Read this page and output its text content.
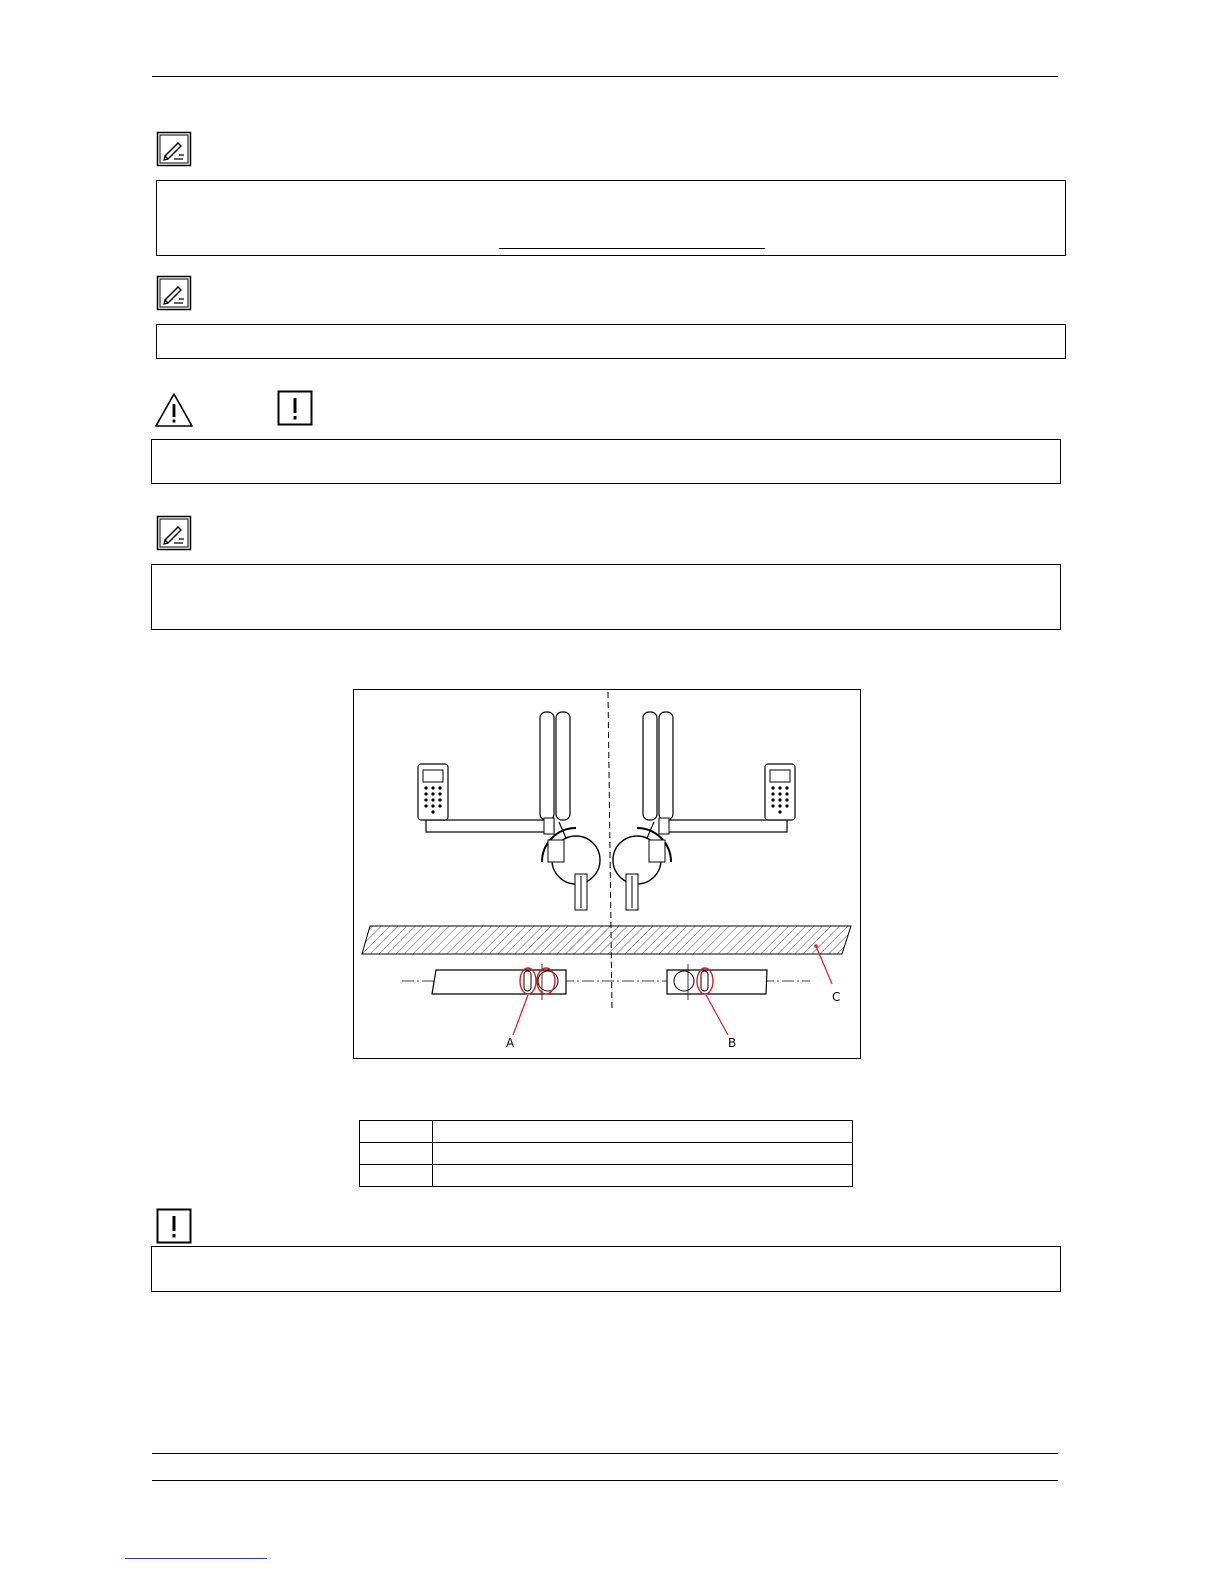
A	B
C
